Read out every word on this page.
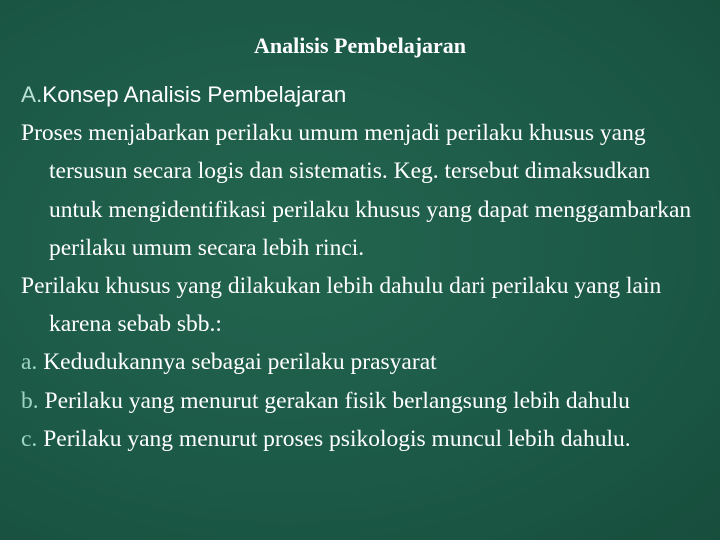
Analisis Pembelajaran
A.Konsep Analisis Pembelajaran

Proses menjabarkan perilaku umum menjadi perilaku khusus yang tersusun secara logis dan sistematis. Keg. tersebut dimaksudkan untuk mengidentifikasi perilaku khusus yang dapat menggambarkan perilaku umum secara lebih rinci.

Perilaku khusus yang dilakukan lebih dahulu dari perilaku yang lain karena sebab sbb.:

a. Kedudukannya sebagai perilaku prasyarat

b. Perilaku yang menurut gerakan fisik berlangsung lebih dahulu

c. Perilaku yang menurut proses psikologis muncul lebih dahulu.
